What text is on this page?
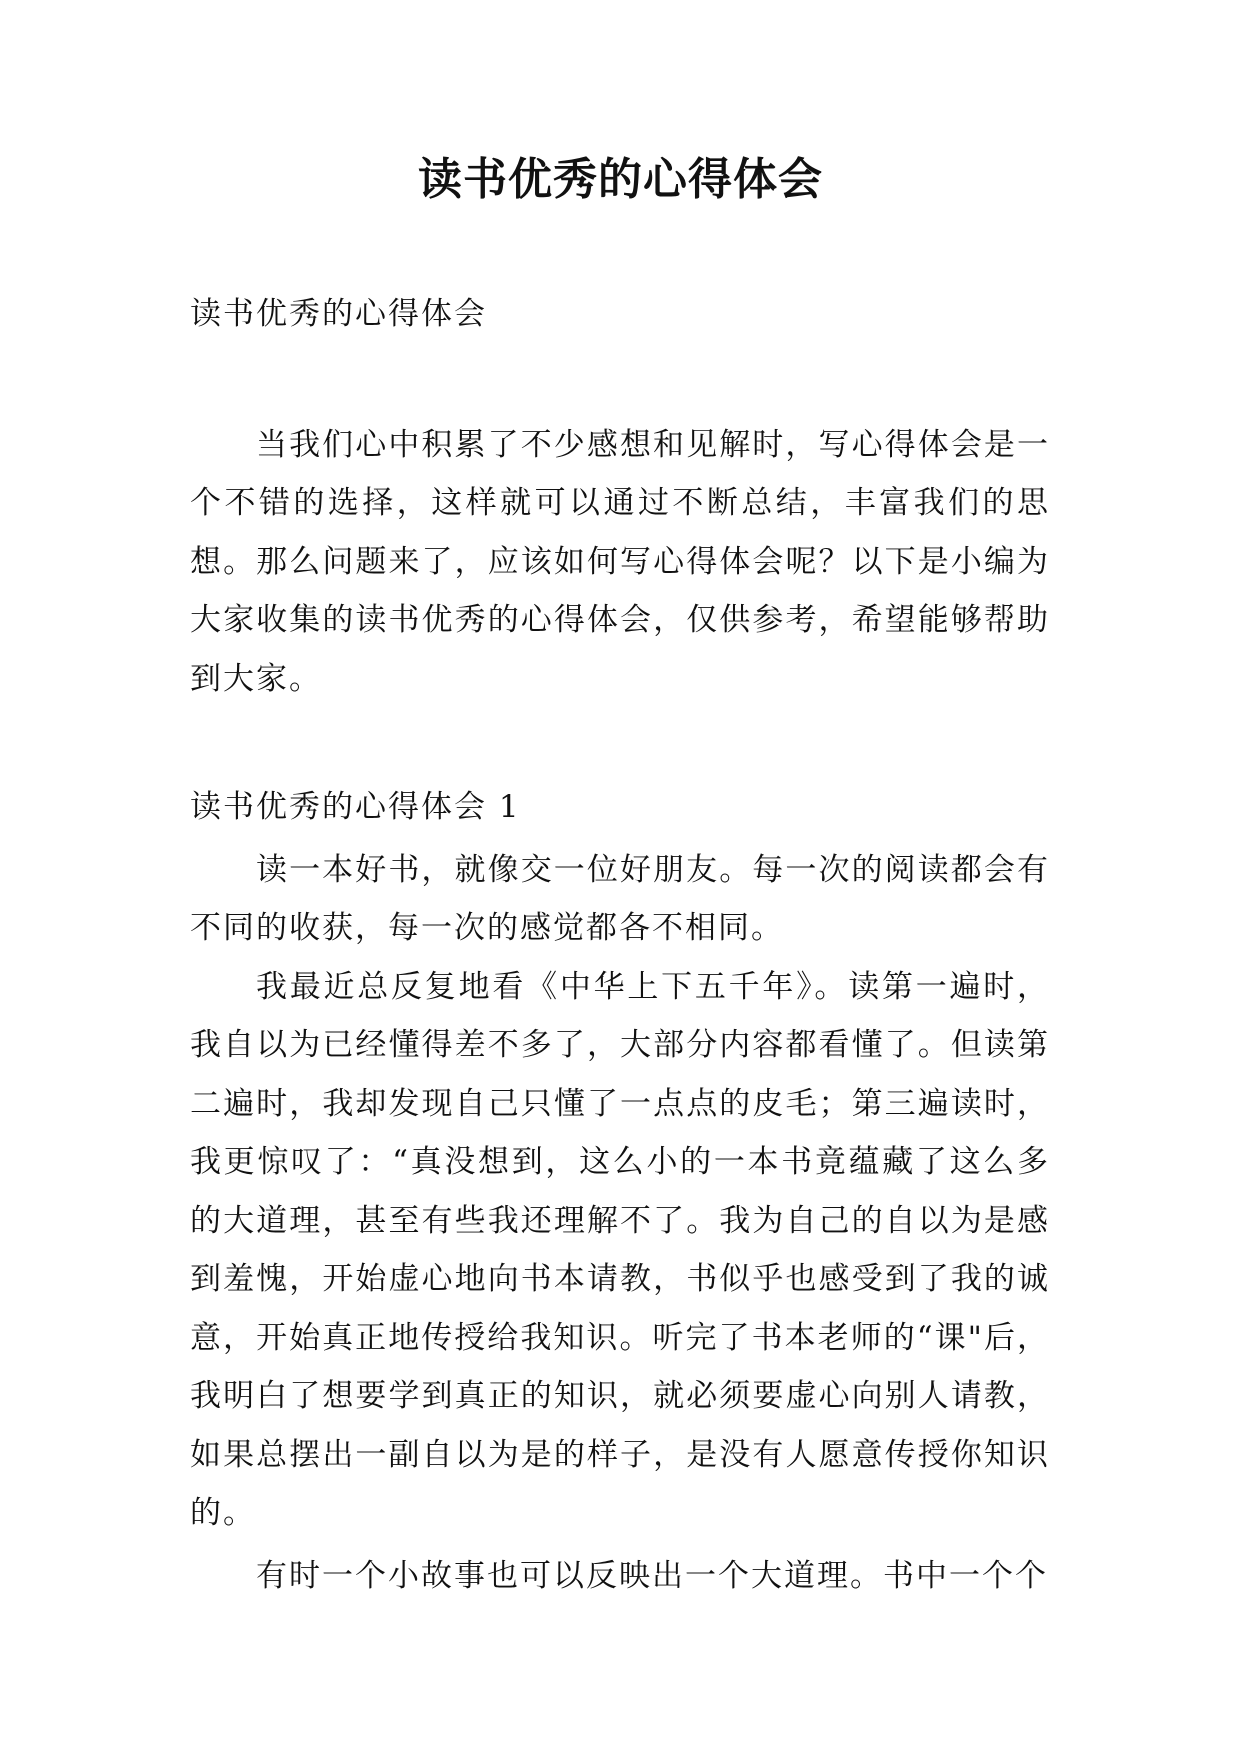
读书优秀的心得体会

读书优秀的心得体会

当我们心中积累了不少感想和见解时，写心得体会是一个不错的选择，这样就可以通过不断总结，丰富我们的思想。那么问题来了，应该如何写心得体会呢？以下是小编为大家收集的读书优秀的心得体会，仅供参考，希望能够帮助到大家。

读书优秀的心得体会 1

读一本好书，就像交一位好朋友。每一次的阅读都会有不同的收获，每一次的感觉都各不相同。

我最近总反复地看《中华上下五千年》。读第一遍时，我自以为已经懂得差不多了，大部分内容都看懂了。但读第二遍时，我却发现自己只懂了一点点的皮毛；第三遍读时，我更惊叹了：“真没想到，这么小的一本书竟蕴藏了这么多的大道理，甚至有些我还理解不了。我为自己的自以为是感到羞愧，开始虚心地向书本请教，书似乎也感受到了我的诚意，开始真正地传授给我知识。听完了书本老师的“课"后，我明白了想要学到真正的知识，就必须要虚心向别人请教，如果总摆出一副自以为是的样子，是没有人愿意传授你知识的。

有时一个小故事也可以反映出一个大道理。书中一个个
